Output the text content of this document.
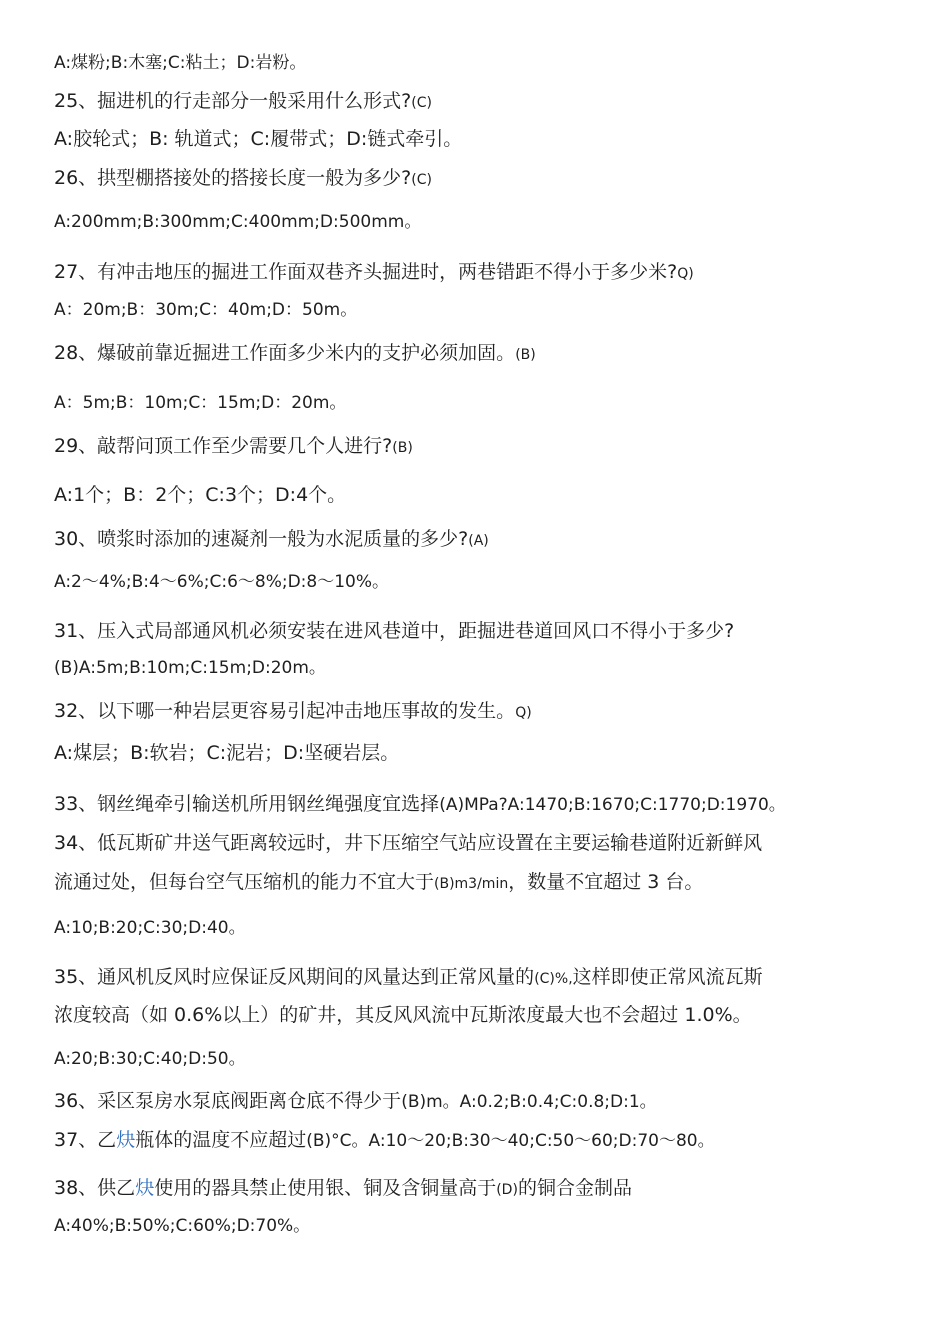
A:煤粉;B:木塞;C:粘土；D:岩粉。
25、掘进机的行走部分一般采用什么形式?(C)
A:胶轮式；B: 轨道式；C:履带式；D:链式牵引。
26、拱型棚搭接处的搭接长度一般为多少?(C)
A:200mm;B:300mm;C:400mm;D:500mm。
27、有冲击地压的掘进工作面双巷齐头掘进时，两巷错距不得小于多少米?Q)
A：20m;B：30m;C：40m;D：50m。
28、爆破前靠近掘进工作面多少米内的支护必须加固。(B)
A：5m;B：10m;C：15m;D：20m。
29、敲帮问顶工作至少需要几个人进行?(B)
A:1个；B：2个；C:3个；D:4个。
30、喷浆时添加的速凝剂一般为水泥质量的多少?(A)
A:2〜4%;B:4〜6%;C:6〜8%;D:8〜10%。
31、压入式局部通风机必须安装在进风巷道中，距掘进巷道回风口不得小于多少?
(B)A:5m;B:10m;C:15m;D:20m。
32、以下哪一种岩层更容易引起冲击地压事故的发生。Q)
A:煤层；B:软岩；C:泥岩；D:坚硬岩层。
33、钢丝绳牵引输送机所用钢丝绳强度宜选择(A)MPa?A:1470;B:1670;C:1770;D:1970。
34、低瓦斯矿井送气距离较远时，井下压缩空气站应设置在主要运输巷道附近新鲜风
流通过处，但每台空气压缩机的能力不宜大于(B)m3/min，数量不宜超过 3 台。
A:10;B:20;C:30;D:40。
35、通风机反风时应保证反风期间的风量达到正常风量的(C)%,这样即使正常风流瓦斯
浓度较高（如 0.6%以上）的矿井，其反风风流中瓦斯浓度最大也不会超过 1.0%。
A:20;B:30;C:40;D:50。
36、采区泵房水泵底阀距离仓底不得少于(B)m。A:0.2;B:0.4;C:0.8;D:1。
37、乙炔瓶体的温度不应超过(B)°C。A:10〜20;B:30〜40;C:50〜60;D:70〜80。
38、供乙炔使用的器具禁止使用银、铜及含铜量高于(D)的铜合金制品
A:40%;B:50%;C:60%;D:70%。
